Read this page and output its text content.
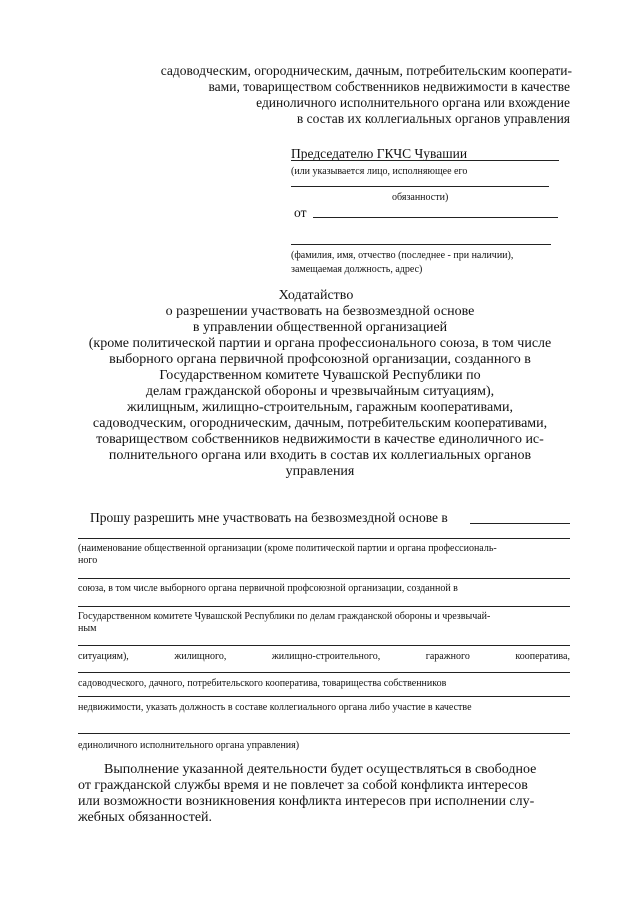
садоводческим, огородническим, дачным, потребительским кооперати-
вами, товариществом собственников недвижимости в качестве
единоличного исполнительного органа или вхождение
в состав их коллегиальных органов управления
Председателю ГКЧС Чувашии
(или указывается лицо, исполняющее его
обязанности)
от
(фамилия, имя, отчество (последнее - при наличии),
замещаемая должность, адрес)
Ходатайство
о разрешении участвовать на безвозмездной основе
в управлении общественной организацией
(кроме политической партии и органа профессионального союза, в том числе
выборного органа первичной профсоюзной организации, созданного в
Государственном комитете Чувашской Республики по
делам гражданской обороны и чрезвычайным ситуациям),
жилищным, жилищно-строительным, гаражным кооперативами,
садоводческим, огородническим, дачным, потребительским кооперативами,
товариществом собственников недвижимости в качестве единоличного ис-
полнительного органа или входить в состав их коллегиальных органов
управления
Прошу разрешить мне участвовать на безвозмездной основе в
(наименование общественной организации (кроме политической партии и органа профессиональ-
ного
союза, в том числе выборного органа первичной профсоюзной организации, созданной в
Государственном комитете Чувашской Республики по делам гражданской обороны и чрезвычай-
ным
ситуациям),	жилищного,	жилищно-строительного,	гаражного	кооператива,
садоводческого, дачного, потребительского кооператива, товарищества собственников
недвижимости, указать должность в составе коллегиального органа либо участие в качестве
единоличного исполнительного органа управления)
Выполнение указанной деятельности будет осуществляться в свободное
от гражданской службы время и не повлечет за собой конфликта интересов
или возможности возникновения конфликта интересов при исполнении слу-
жебных обязанностей.
